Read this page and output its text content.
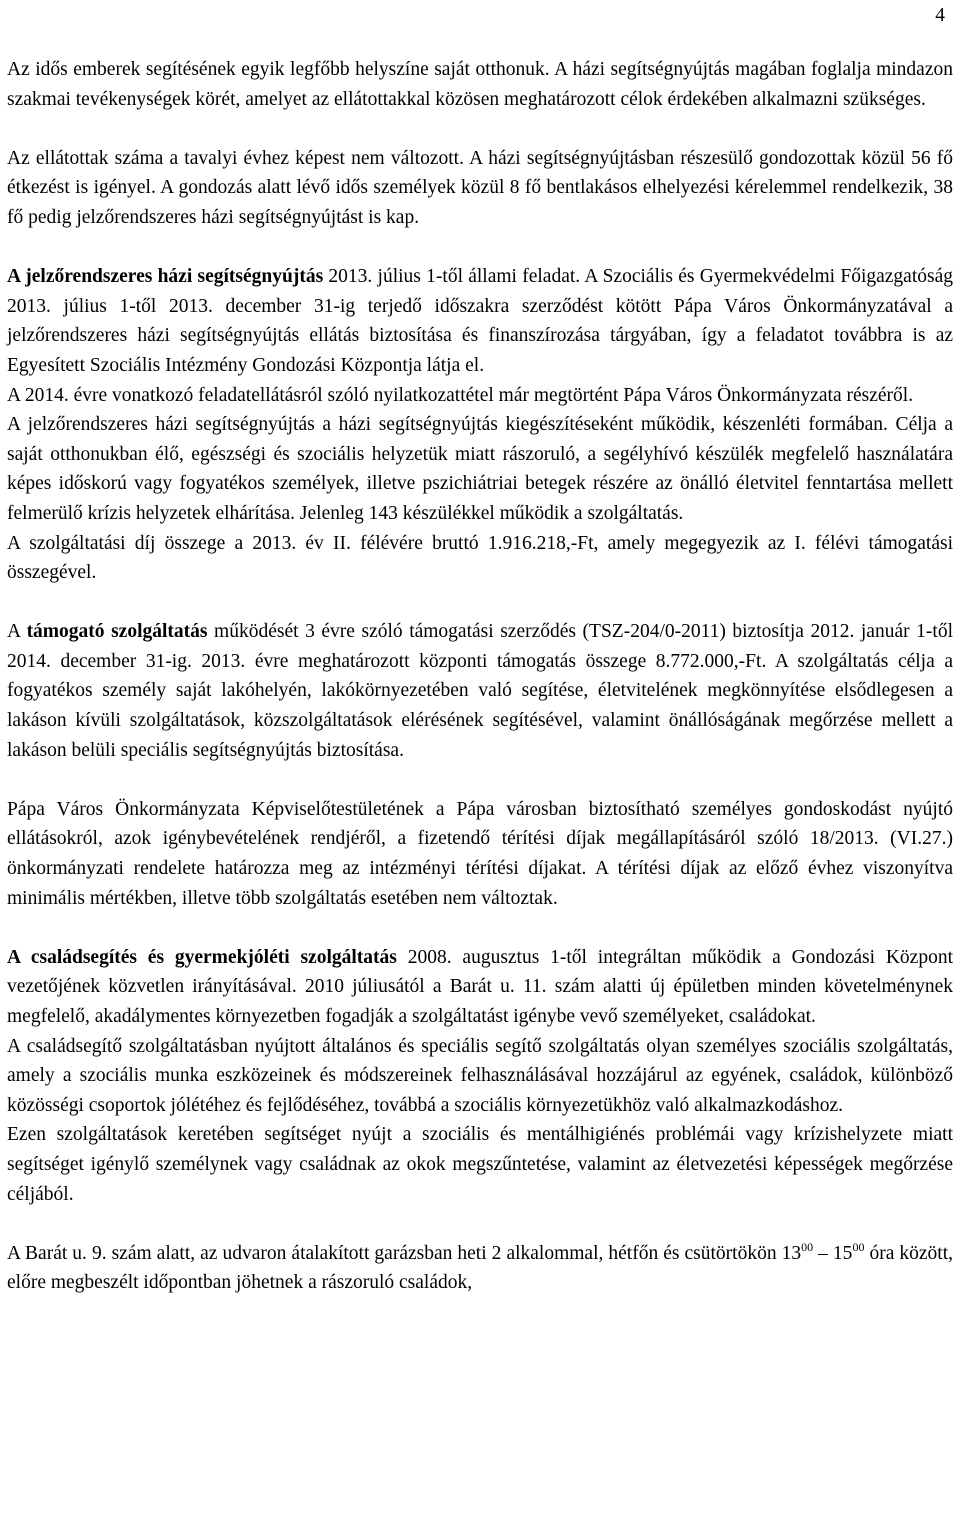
4

Az idős emberek segítésének egyik legfőbb helyszíne saját otthonuk. A házi segítségnyújtás magában foglalja mindazon szakmai tevékenységek körét, amelyet az ellátottakkal közösen meghatározott célok érdekében alkalmazni szükséges.

Az ellátottak száma a tavalyi évhez képest nem változott. A házi segítségnyújtásban részesülő gondozottak közül 56 fő étkezést is igényel. A gondozás alatt lévő idős személyek közül 8 fő bentlakásos elhelyezési kérelemmel rendelkezik, 38 fő pedig jelzőrendszeres házi segítségnyújtást is kap.

A jelzőrendszeres házi segítségnyújtás 2013. július 1-től állami feladat. A Szociális és Gyermekvédelmi Főigazgatóság 2013. július 1-től 2013. december 31-ig terjedő időszakra szerződést kötött Pápa Város Önkormányzatával a jelzőrendszeres házi segítségnyújtás ellátás biztosítása és finanszírozása tárgyában, így a feladatot továbbra is az Egyesített Szociális Intézmény Gondozási Központja látja el.

A 2014. évre vonatkozó feladatellátásról szóló nyilatkozattétel már megtörtént Pápa Város Önkormányzata részéről.

A jelzőrendszeres házi segítségnyújtás a házi segítségnyújtás kiegészítéseként működik, készenléti formában. Célja a saját otthonukban élő, egészségi és szociális helyzetük miatt rászoruló, a segélyhívó készülék megfelelő használatára képes időskorú vagy fogyatékos személyek, illetve pszichiátriai betegek részére az önálló életvitel fenntartása mellett felmerülő krízis helyzetek elhárítása. Jelenleg 143 készülékkel működik a szolgáltatás.

A szolgáltatási díj összege a 2013. év II. félévére bruttó 1.916.218,-Ft, amely megegyezik az I. félévi támogatási összegével.

A támogató szolgáltatás működését 3 évre szóló támogatási szerződés (TSZ-204/0-2011) biztosítja 2012. január 1-től 2014. december 31-ig. 2013. évre meghatározott központi támogatás összege 8.772.000,-Ft. A szolgáltatás célja a fogyatékos személy saját lakóhelyén, lakókörnyezetében való segítése, életvitelének megkönnyítése elsődlegesen a lakáson kívüli szolgáltatások, közszolgáltatások elérésének segítésével, valamint önállóságának megőrzése mellett a lakáson belüli speciális segítségnyújtás biztosítása.

Pápa Város Önkormányzata Képviselőtestületének a Pápa városban biztosítható személyes gondoskodást nyújtó ellátásokról, azok igénybevételének rendjéről, a fizetendő térítési díjak megállapításáról szóló 18/2013. (VI.27.) önkormányzati rendelete határozza meg az intézményi térítési díjakat. A térítési díjak az előző évhez viszonyítva minimális mértékben, illetve több szolgáltatás esetében nem változtak.

A családsegítés és gyermekjóléti szolgáltatás 2008. augusztus 1-től integráltan működik a Gondozási Központ vezetőjének közvetlen irányításával. 2010 júliusától a Barát u. 11. szám alatti új épületben minden követelménynek megfelelő, akadálymentes környezetben fogadják a szolgáltatást igénybe vevő személyeket, családokat.

A családsegítő szolgáltatásban nyújtott általános és speciális segítő szolgáltatás olyan személyes szociális szolgáltatás, amely a szociális munka eszközeinek és módszereinek felhasználásával hozzájárul az egyének, családok, különböző közösségi csoportok jólétéhez és fejlődéséhez, továbbá a szociális környezetükhöz való alkalmazkodáshoz.

Ezen szolgáltatások keretében segítséget nyújt a szociális és mentálhigiénés problémái vagy krízishelyzete miatt segítséget igénylő személynek vagy családnak az okok megszűntetése, valamint az életvezetési képességek megőrzése céljából.

A Barát u. 9. szám alatt, az udvaron átalakított garázsban heti 2 alkalommal, hétfőn és csütörtökön $13^{00} - 15^{00}$ óra között, előre megbeszélt időpontban jöhetnek a rászoruló családok,
